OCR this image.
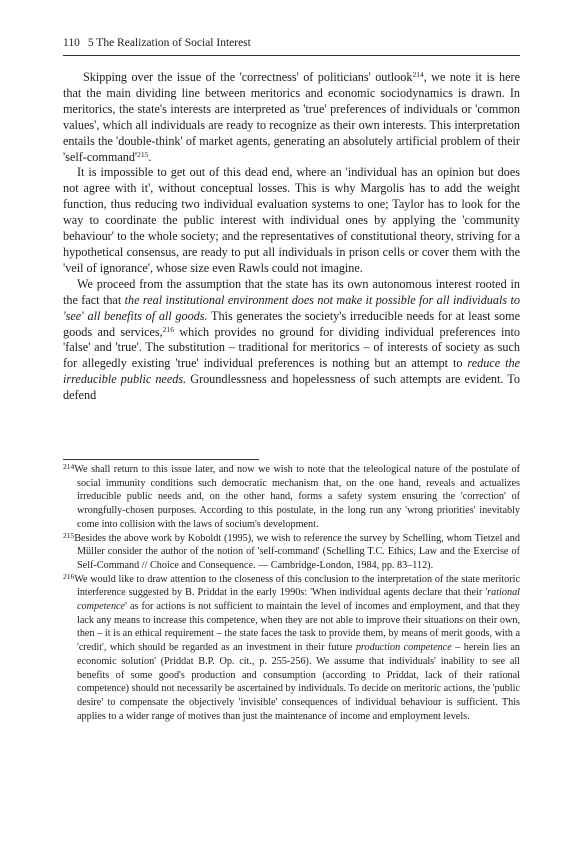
110 5 The Realization of Social Interest

Skipping over the issue of the 'correctness' of politicians' outlook$^{214}$, we note it is here that the main dividing line between meritorics and economic sociodynamics is drawn. In meritorics, the state's interests are interpreted as 'true' preferences of individuals or 'common values', which all individuals are ready to recognize as their own interests. This interpretation entails the 'double-think' of market agents, generating an absolutely artificial problem of their '$self-command'^{215}$.

It is impossible to get out of this dead end, where an 'individual has an opinion but does not agree with it', without conceptual losses. This is why Margolis has to add the weight function, thus reducing two individual evaluation systems to one; Taylor has to look for the way to coordinate the public interest with individual ones by applying the 'community behaviour' to the whole society; and the representatives of constitutional theory, striving for a hypothetical consensus, are ready to put all individuals in prison cells or cover them with the 'veil of ignorance', whose size even Rawls could not imagine.

We proceed from the assumption that the state has its own autonomous interest rooted in the fact that the real institutional environment does not make it possible for all individuals to 'see' all benefits of all goods. This generates the society's irreducible needs for at least some goods and services,$^{216}$ which provides no ground for dividing individual preferences into 'false' and 'true'. The substitution – traditional for meritorics – of interests of society as such for allegedly existing 'true' individual preferences is nothing but an attempt to reduce the irreducible public needs. Groundlessness and hopelessness of such attempts are evident. To defend

$^{214}$We shall return to this issue later, and now we wish to note that the teleological nature of the postulate of social immunity conditions such democratic mechanism that, on the one hand, reveals and actualizes irreducible public needs and, on the other hand, forms a safety system ensuring the 'correction' of wrongfully-chosen purposes. According to this postulate, in the long run any 'wrong priorities' inevitably come into collision with the laws of socium's development.

$^{215}$Besides the above work by Koboldt (1995), we wish to reference the survey by Schelling, whom Tietzel and Müller consider the author of the notion of 'self-command' (Schelling T.C. Ethics, Law and the Exercise of Self-Command // Choice and Consequence. — Cambridge-London, 1984, pp. 83–112).

$^{216}$We would like to draw attention to the closeness of this conclusion to the interpretation of the state meritoric interference suggested by B. Priddat in the early 1990s: 'When individual agents declare that their 'rational competence' as for actions is not sufficient to maintain the level of incomes and employment, and that they lack any means to increase this competence, when they are not able to improve their situations on their own, then – it is an ethical requirement – the state faces the task to provide them, by means of merit goods, with a 'credit', which should be regarded as an investment in their future production competence – herein lies an economic solution' (Priddat B.P. Op. cit., p. 255-256). We assume that individuals' inability to see all benefits of some good's production and consumption (according to Priddat, lack of their rational competence) should not necessarily be ascertained by individuals. To decide on meritoric actions, the 'public desire' to compensate the objectively 'invisible' consequences of individual behaviour is sufficient. This applies to a wider range of motives than just the maintenance of income and employment levels.
